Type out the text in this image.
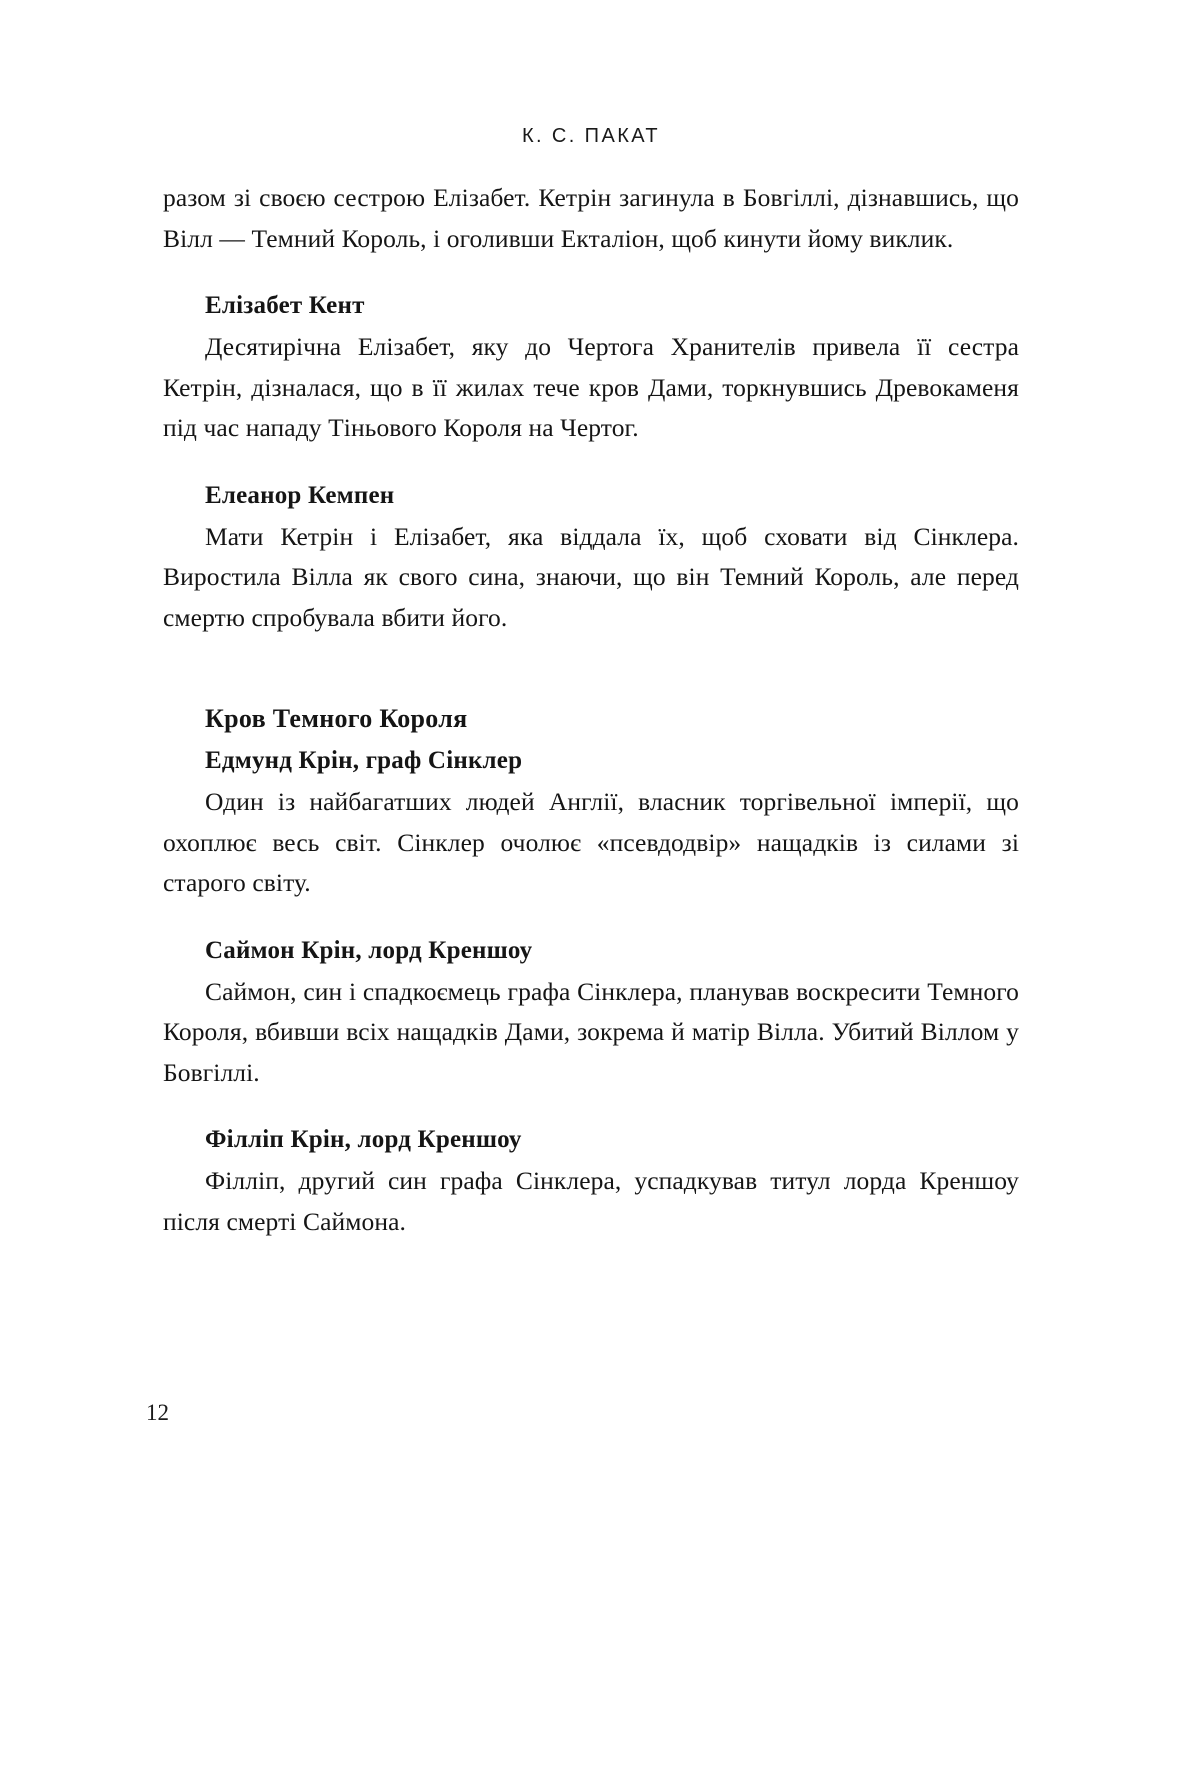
К. С. ПАКАТ

разом зі своєю сестрою Елізабет. Кетрін загинула в Бовгіллі, дізнавшись, що Вілл — Темний Король, і оголивши Екталіон, щоб кинути йому виклик.

Елізабет Кент

Десятирічна Елізабет, яку до Чертога Хранителів привела її сестра Кетрін, дізналася, що в її жилах тече кров Дами, торкнувшись Древокаменя під час нападу Тіньового Короля на Чертог.

Елеанор Кемпен

Мати Кетрін і Елізабет, яка віддала їх, щоб сховати від Сінклера. Виростила Вілла як свого сина, знаючи, що він Темний Король, але перед смертю спробувала вбити його.

Кров Темного Короля
Едмунд Крін, граф Сінклер

Один із найбагатших людей Англії, власник торгівельної імперії, що охоплює весь світ. Сінклер очолює «псевдодвір» нащадків із силами зі старого світу.

Саймон Крін, лорд Креншоу

Саймон, син і спадкоємець графа Сінклера, планував воскресити Темного Короля, вбивши всіх нащадків Дами, зокрема й матір Вілла. Убитий Віллом у Бовгіллі.

Філліп Крін, лорд Креншоу

Філліп, другий син графа Сінклера, успадкував титул лорда Креншоу після смерті Саймона.

12
